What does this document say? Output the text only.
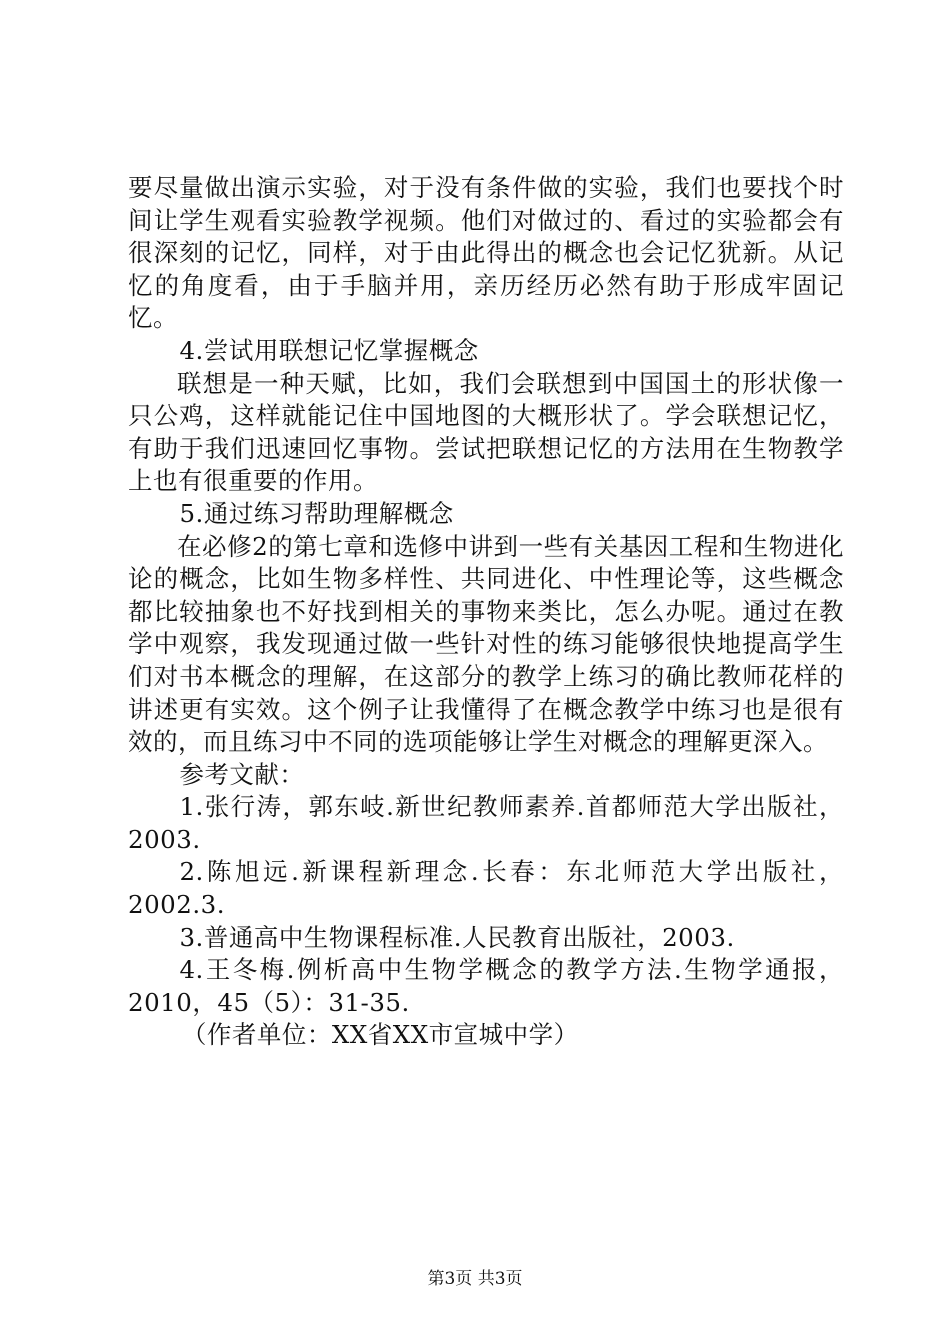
要尽量做出演示实验，对于没有条件做的实验，我们也要找个时间让学生观看实验教学视频。他们对做过的、看过的实验都会有很深刻的记忆，同样，对于由此得出的概念也会记忆犹新。从记忆的角度看，由于手脑并用，亲历经历必然有助于形成牢固记忆。

4.尝试用联想记忆掌握概念

联想是一种天赋，比如，我们会联想到中国国土的形状像一只公鸡，这样就能记住中国地图的大概形状了。学会联想记忆，有助于我们迅速回忆事物。尝试把联想记忆的方法用在生物教学上也有很重要的作用。

5.通过练习帮助理解概念

在必修2的第七章和选修中讲到一些有关基因工程和生物进化论的概念，比如生物多样性、共同进化、中性理论等，这些概念都比较抽象也不好找到相关的事物来类比，怎么办呢。通过在教学中观察，我发现通过做一些针对性的练习能够很快地提高学生们对书本概念的理解，在这部分的教学上练习的确比教师花样的讲述更有实效。这个例子让我懂得了在概念教学中练习也是很有效的，而且练习中不同的选项能够让学生对概念的理解更深入。

参考文献：

1.张行涛，郭东岐.新世纪教师素养.首都师范大学出版社，2003.

2.陈旭远.新课程新理念.长春：东北师范大学出版社，2002.3.

3.普通高中生物课程标准.人民教育出版社，2003.

4.王冬梅.例析高中生物学概念的教学方法.生物学通报，2010，45（5）：31-35.

（作者单位：XX省XX市宣城中学）

第3页 共3页
